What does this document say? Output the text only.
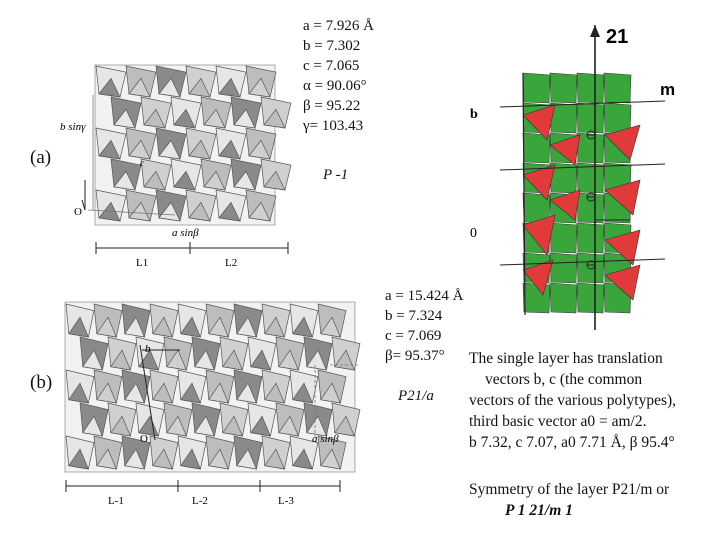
(a)
O
c
b sinγ
a sinβ
L1	L2
a = 7.926 Å
b = 7.302
c = 7.065
α = 90.06°
β = 95.22
γ= 103.43
P -1
(b)
b
O	a sinβ
L-1	L-2	L-3
a = 15.424 Å
b = 7.324
c = 7.069
β= 95.37°
P21/a
21
m
b
0
The single layer has translation
vectors b, c (the common
vectors of the various polytypes),
third basic vector a0 = am/2.
b 7.32, c 7.07, a0 7.71 Å, β 95.4°
Symmetry of the layer P21/m or
P 1 21/m 1
